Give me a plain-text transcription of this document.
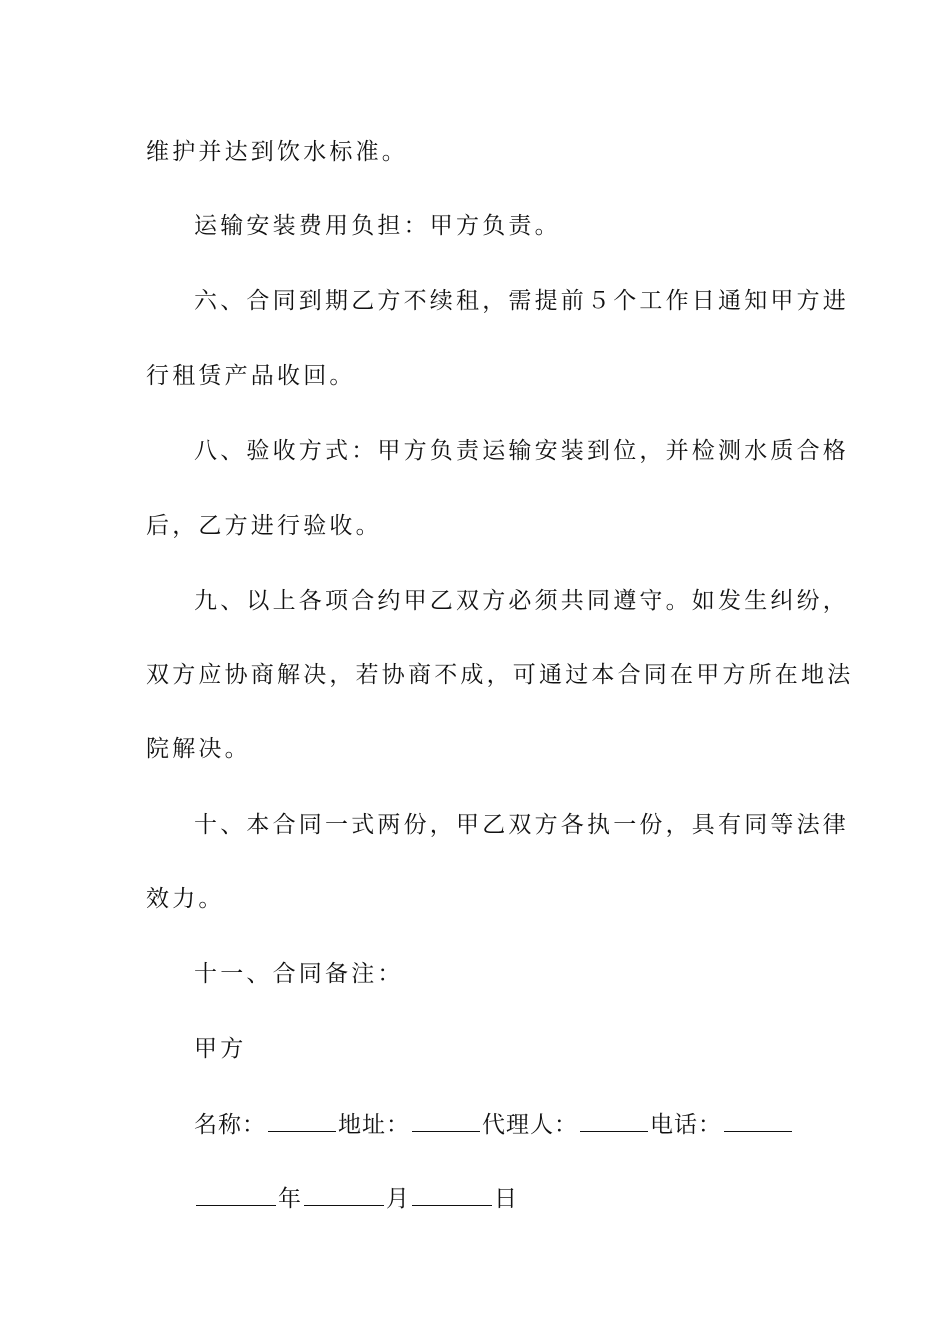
维护并达到饮水标准。
运输安装费用负担：甲方负责。
六、合同到期乙方不续租，需提前５个工作日通知甲方进
行租赁产品收回。
八、验收方式：甲方负责运输安装到位，并检测水质合格
后，乙方进行验收。
九、以上各项合约甲乙双方必须共同遵守。如发生纠纷，
双方应协商解决，若协商不成，可通过本合同在甲方所在地法
院解决。
十、本合同一式两份，甲乙双方各执一份，具有同等法律
效力。
十一、合同备注：
甲方
名称：	地址：	代理人：	电话：
年	月	日
